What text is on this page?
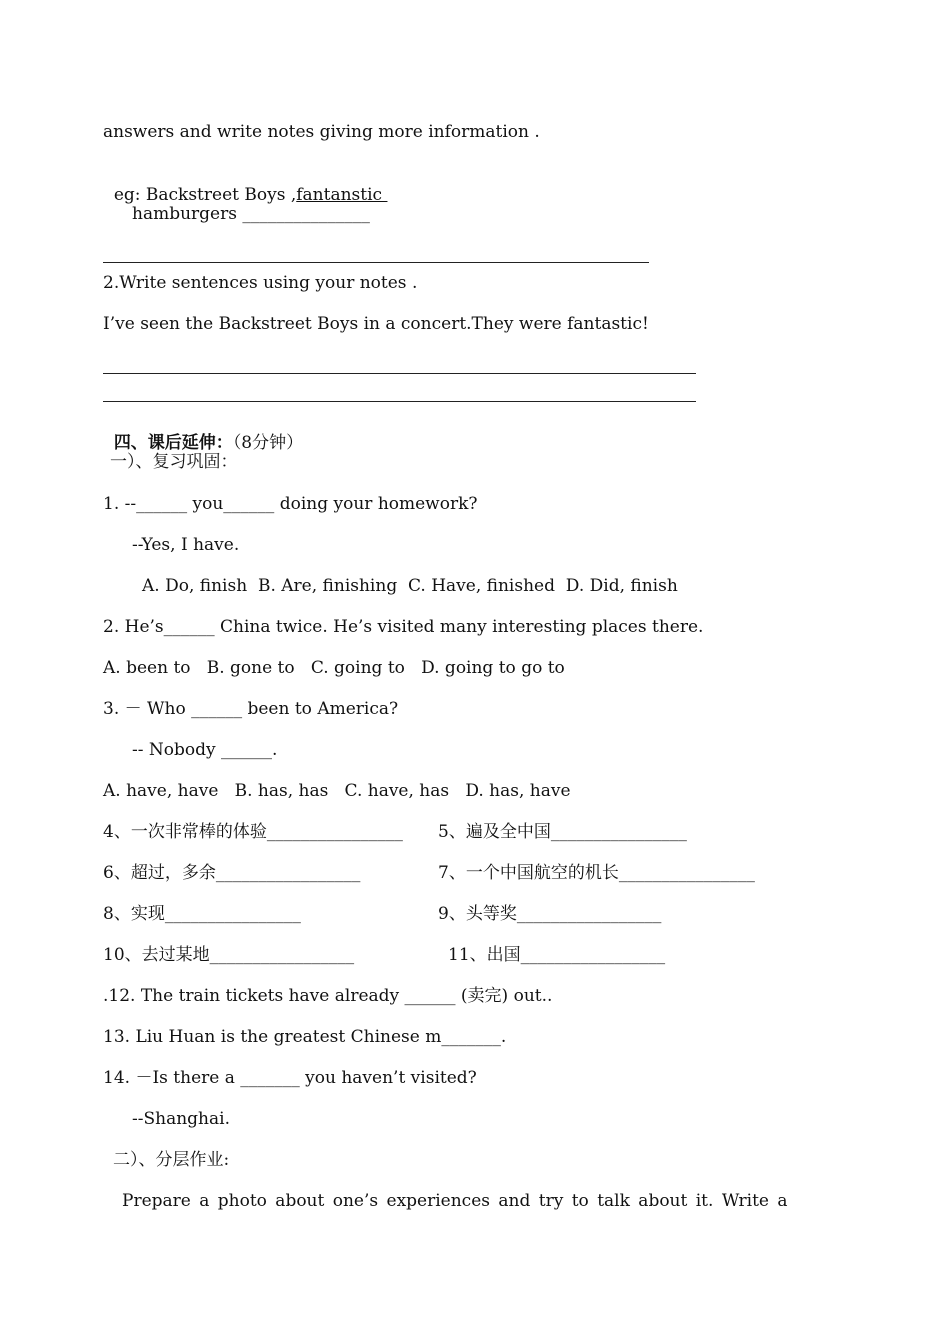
answers and write notes giving more information .

eg: Backstreet Boys ,fantanstic

hamburgers _______________
2.Write sentences using your notes .
I’ve seen the Backstreet Boys in a concert.They were fantastic!

四、课后延伸：（8分钟）

一）、复习巩固：
1. --______ you______ doing your homework?
--Yes, I have.
A. Do, finish  B. Are, finishing  C. Have, finished  D. Did, finish
2. He’s______ China twice. He’s visited many interesting places there.
A. been to   B. gone to   C. going to   D. going to go to
3. － Who ______ been to America?
-- Nobody ______.
A. have, have   B. has, has   C. have, has   D. has, have
4、一次非常棒的体验________________ 5、遍及全中国________________
6、超过，多余_________________	7、一个中国航空的机长________________
8、实现________________	9、头等奖_________________
10、去过某地_________________	11、出国_________________
.12. The train tickets have already ______ (卖完) out..
13. Liu Huan is the greatest Chinese m_______.
14. －Is there a _______ you haven’t visited?
--Shanghai.
二）、分层作业:
Prepare a photo about one’s experiences and try to talk about it. Write a
